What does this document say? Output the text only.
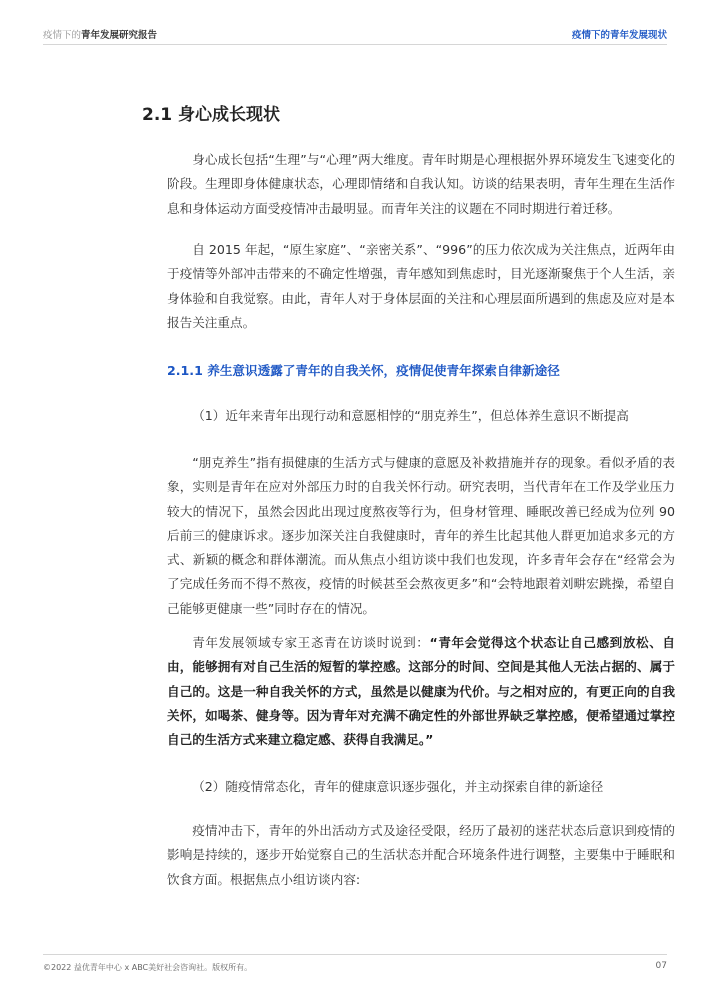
疫情下的青年发展研究报告	疫情下的青年发展现状
2.1 身心成长现状

身心成长包括“生理”与“心理”两大维度。青年时期是心理根据外界环境发生飞速变化的阶段。生理即身体健康状态，心理即情绪和自我认知。访谈的结果表明，青年生理在生活作息和身体运动方面受疫情冲击最明显。而青年关注的议题在不同时期进行着迁移。

自 2015 年起，“原生家庭”、“亲密关系”、“996”的压力依次成为关注焦点，近两年由于疫情等外部冲击带来的不确定性增强，青年感知到焦虑时，目光逐渐聚焦于个人生活，亲身体验和自我觉察。由此，青年人对于身体层面的关注和心理层面所遇到的焦虑及应对是本报告关注重点。

2.1.1 养生意识透露了青年的自我关怀，疫情促使青年探索自律新途径

（1）近年来青年出现行动和意愿相悖的“朋克养生”，但总体养生意识不断提高

“朋克养生”指有损健康的生活方式与健康的意愿及补救措施并存的现象。看似矛盾的表象，实则是青年在应对外部压力时的自我关怀行动。研究表明，当代青年在工作及学业压力较大的情况下，虽然会因此出现过度熬夜等行为，但身材管理、睡眠改善已经成为位列 90 后前三的健康诉求。逐步加深关注自我健康时，青年的养生比起其他人群更加追求多元的方式、新颖的概念和群体潮流。而从焦点小组访谈中我们也发现，许多青年会存在“经常会为了完成任务而不得不熬夜，疫情的时候甚至会熬夜更多”和“会特地跟着刘畊宏跳操，希望自己能够更健康一些”同时存在的情况。

青年发展领域专家王忞青在访谈时说到：“青年会觉得这个状态让自己感到放松、自由，能够拥有对自己生活的短暂的掌控感。这部分的时间、空间是其他人无法占据的、属于自己的。这是一种自我关怀的方式，虽然是以健康为代价。与之相对应的，有更正向的自我关怀，如喝茶、健身等。因为青年对充满不确定性的外部世界缺乏掌控感，便希望通过掌控自己的生活方式来建立稳定感、获得自我满足。”

（2）随疫情常态化，青年的健康意识逐步强化，并主动探索自律的新途径

疫情冲击下，青年的外出活动方式及途径受限，经历了最初的迷茫状态后意识到疫情的影响是持续的，逐步开始觉察自己的生活状态并配合环境条件进行调整，主要集中于睡眠和饮食方面。根据焦点小组访谈内容:

©2022 益优青年中心 x ABC美好社会咨询社。版权所有。	07
